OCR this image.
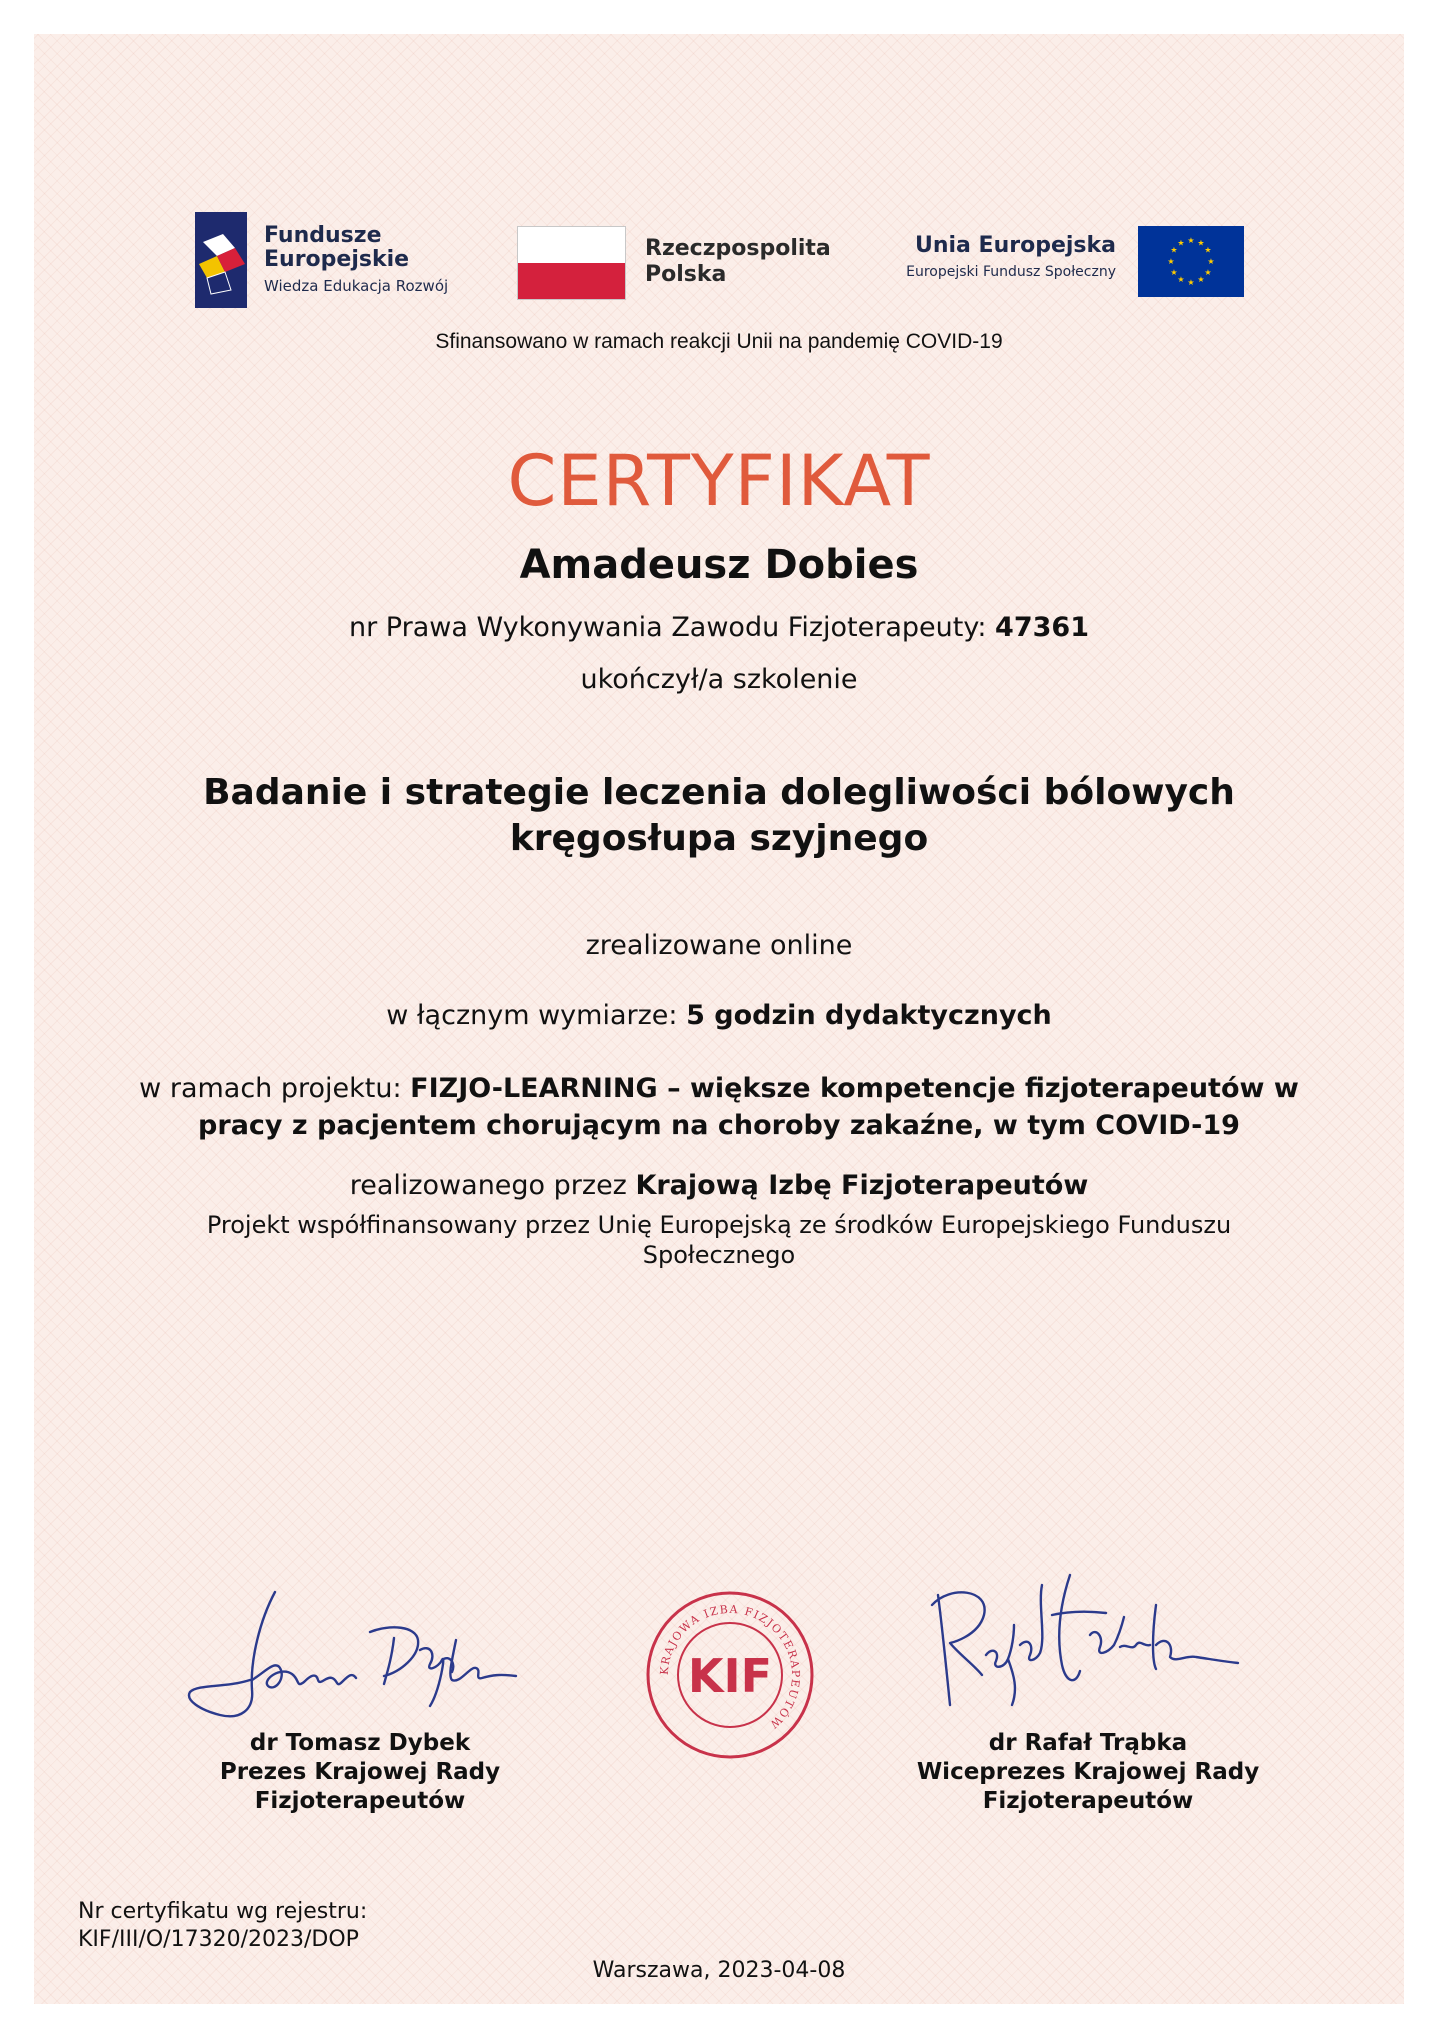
Fundusze
Europejskie
Wiedza Edukacja Rozwój
Rzeczpospolita
Polska
Unia Europejska
Europejski Fundusz Społeczny
★ ★
★
★
★
★
★
★
★
★
★
★
Sfinansowano w ramach reakcji Unii na pandemię COVID-19
CERTYFIKAT
Amadeusz Dobies
nr Prawa Wykonywania Zawodu Fizjoterapeuty: 47361
ukończył/a szkolenie
Badanie i strategie leczenia dolegliwości bólowych
kręgosłupa szyjnego
zrealizowane online
w łącznym wymiarze: 5 godzin dydaktycznych
w ramach projektu: FIZJO-LEARNING – większe kompetencje fizjoterapeutów w
pracy z pacjentem chorującym na choroby zakaźne, w tym COVID-19
realizowanego przez Krajową Izbę Fizjoterapeutów
Projekt współfinansowany przez Unię Europejską ze środków Europejskiego Funduszu
Społecznego
KRAJOWA IZBA FIZJOTERAPEUTÓW
KIF
dr Tomasz Dybek
Prezes Krajowej Rady
Fizjoterapeutów
dr Rafał Trąbka
Wiceprezes Krajowej Rady
Fizjoterapeutów
Nr certyfikatu wg rejestru:
KIF/III/O/17320/2023/DOP
Warszawa, 2023-04-08
